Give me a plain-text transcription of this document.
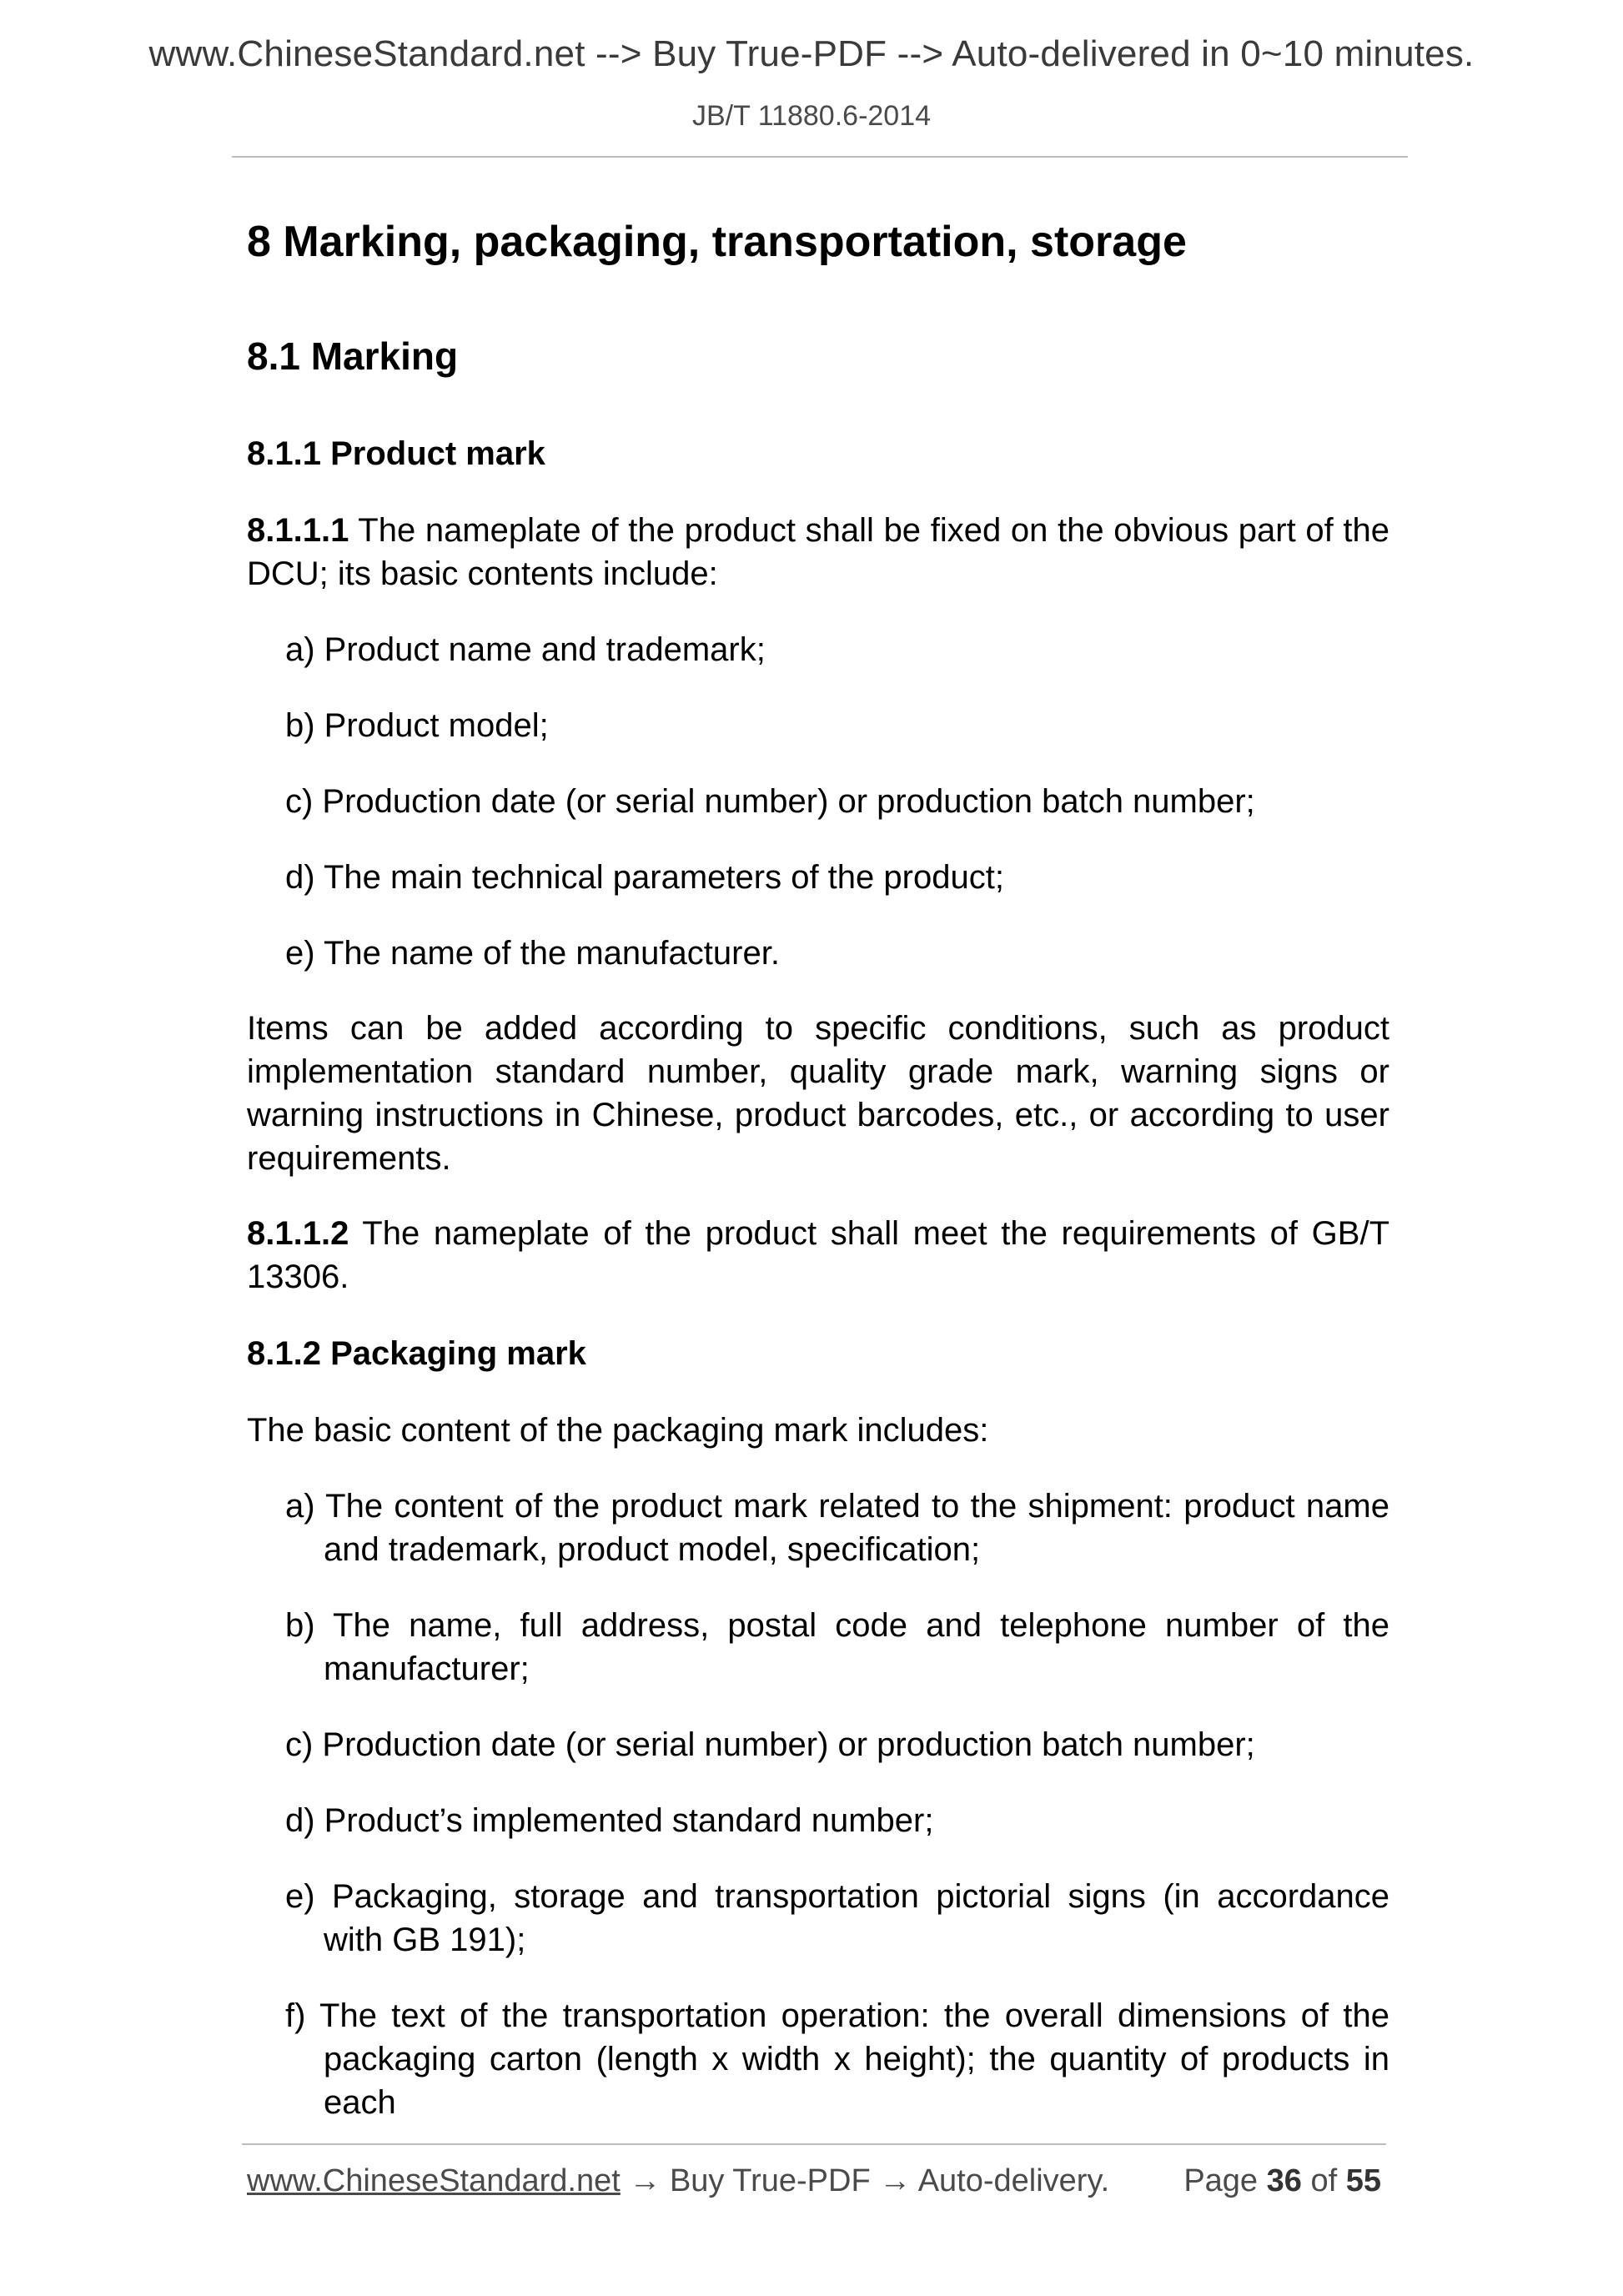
www.ChineseStandard.net --> Buy True-PDF --> Auto-delivered in 0~10 minutes.
JB/T 11880.6-2014

8 Marking, packaging, transportation, storage

8.1 Marking

8.1.1 Product mark

8.1.1.1 The nameplate of the product shall be fixed on the obvious part of the DCU; its basic contents include:

a) Product name and trademark;
b) Product model;
c) Production date (or serial number) or production batch number;
d) The main technical parameters of the product;
e) The name of the manufacturer.

Items can be added according to specific conditions, such as product implementation standard number, quality grade mark, warning signs or warning instructions in Chinese, product barcodes, etc., or according to user requirements.

8.1.1.2 The nameplate of the product shall meet the requirements of GB/T 13306.

8.1.2 Packaging mark

The basic content of the packaging mark includes:

a) The content of the product mark related to the shipment: product name and trademark, product model, specification;
b) The name, full address, postal code and telephone number of the manufacturer;
c) Production date (or serial number) or production batch number;
d) Product’s implemented standard number;
e) Packaging, storage and transportation pictorial signs (in accordance with GB 191);
f) The text of the transportation operation: the overall dimensions of the packaging carton (length x width x height); the quantity of products in each
www.ChineseStandard.net → Buy True-PDF → Auto-delivery. Page 36 of 55
